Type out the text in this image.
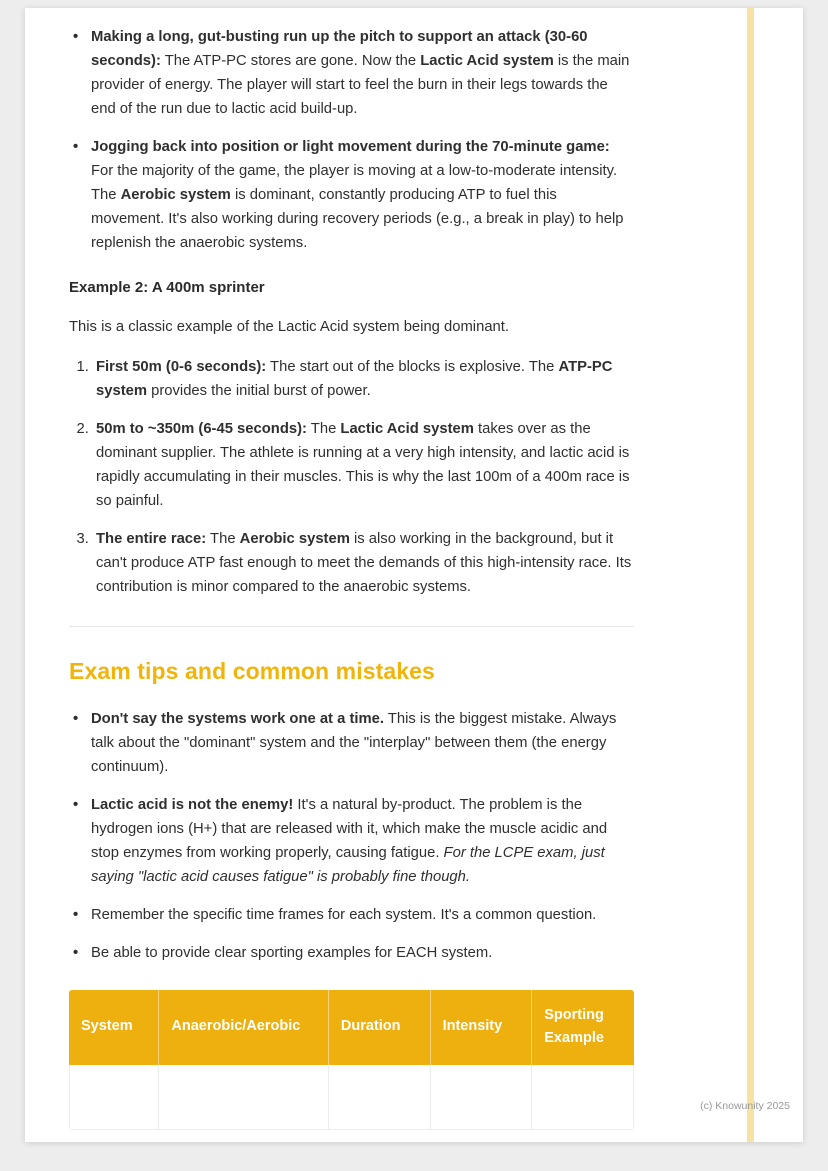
• Making a long, gut-busting run up the pitch to support an attack (30-60 seconds): The ATP-PC stores are gone. Now the Lactic Acid system is the main provider of energy. The player will start to feel the burn in their legs towards the end of the run due to lactic acid build-up.
• Jogging back into position or light movement during the 70-minute game: For the majority of the game, the player is moving at a low-to-moderate intensity. The Aerobic system is dominant, constantly producing ATP to fuel this movement. It's also working during recovery periods (e.g., a break in play) to help replenish the anaerobic systems.
Example 2: A 400m sprinter

This is a classic example of the Lactic Acid system being dominant.

1. First 50m (0-6 seconds): The start out of the blocks is explosive. The ATP-PC system provides the initial burst of power.
2. 50m to ~350m (6-45 seconds): The Lactic Acid system takes over as the dominant supplier. The athlete is running at a very high intensity, and lactic acid is rapidly accumulating in their muscles. This is why the last 100m of a 400m race is so painful.
3. The entire race: The Aerobic system is also working in the background, but it can't produce ATP fast enough to meet the demands of this high-intensity race. Its contribution is minor compared to the anaerobic systems.
Exam tips and common mistakes
• Don't say the systems work one at a time. This is the biggest mistake. Always talk about the "dominant" system and the "interplay" between them (the energy continuum).
• Lactic acid is not the enemy! It's a natural by-product. The problem is the hydrogen ions (H+) that are released with it, which make the muscle acidic and stop enzymes from working properly, causing fatigue. For the LCPE exam, just saying "lactic acid causes fatigue" is probably fine though.
• Remember the specific time frames for each system. It's a common question.
• Be able to provide clear sporting examples for EACH system.
System	Anaerobic/Aerobic	Duration	Intensity	Sporting Example

(c) Knowunity 2025
